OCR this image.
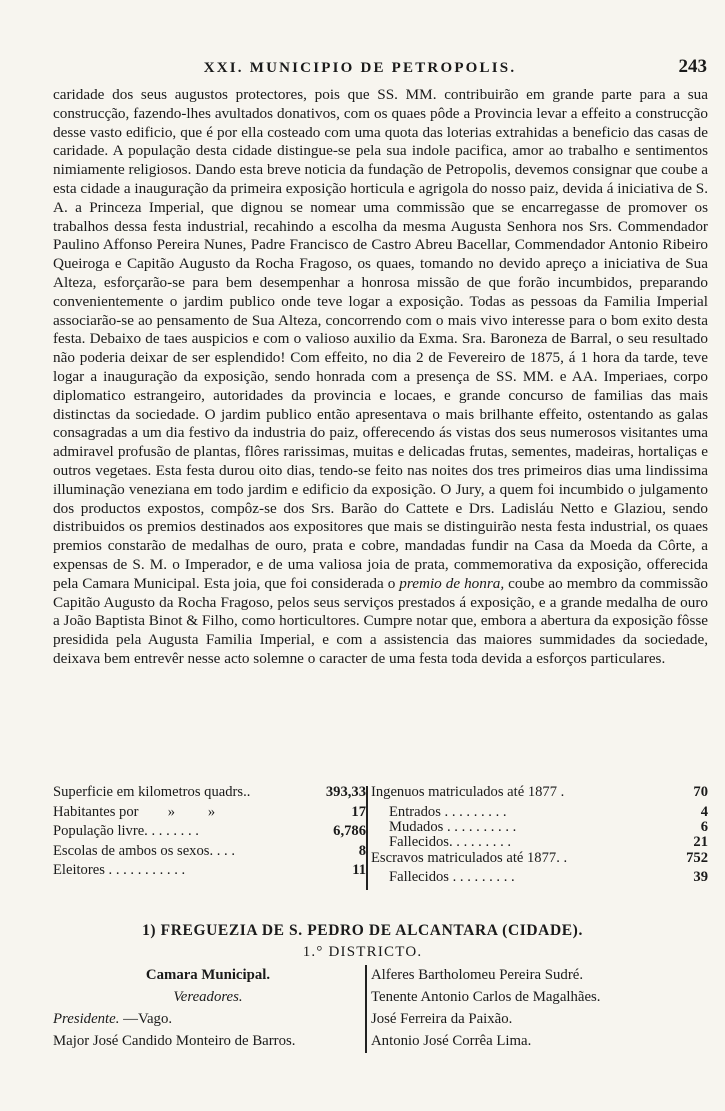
XXI. MUNICIPIO DE PETROPOLIS.	243

caridade dos seus augustos protectores, pois que SS. MM. contribuirão em grande parte para a sua construcção, fazendo-lhes avultados donativos, com os quaes pôde a Provincia levar a effeito a construcção desse vasto edificio, que é por ella costeado com uma quota das loterias extrahidas a beneficio das casas de caridade. A população desta cidade distingue-se pela sua indole pacifica, amor ao trabalho e sentimentos nimiamente religiosos. Dando esta breve noticia da fundação de Petropolis, devemos consignar que coube a esta cidade a inauguração da primeira exposição horticula e agrigola do nosso paiz, devida á iniciativa de S. A. a Princeza Imperial, que dignou se nomear uma commissão que se encarregasse de promover os trabalhos dessa festa industrial, recahindo a escolha da mesma Augusta Senhora nos Srs. Commendador Paulino Affonso Pereira Nunes, Padre Francisco de Castro Abreu Bacellar, Commendador Antonio Ribeiro Queiroga e Capitão Augusto da Rocha Fragoso, os quaes, tomando no devido apreço a iniciativa de Sua Alteza, esforçarão-se para bem desempenhar a honrosa missão de que forão incumbidos, preparando convenientemente o jardim publico onde teve logar a exposição. Todas as pessoas da Familia Imperial associarão-se ao pensamento de Sua Alteza, concorrendo com o mais vivo interesse para o bom exito desta festa. Debaixo de taes auspicios e com o valioso auxilio da Exma. Sra. Baroneza de Barral, o seu resultado não poderia deixar de ser esplendido! Com effeito, no dia 2 de Fevereiro de 1875, á 1 hora da tarde, teve logar a inauguração da exposição, sendo honrada com a presença de SS. MM. e AA. Imperiaes, corpo diplomatico estrangeiro, autoridades da provincia e locaes, e grande concurso de familias das mais distinctas da sociedade. O jardim publico então apresentava o mais brilhante effeito, ostentando as galas consagradas a um dia festivo da industria do paiz, offerecendo ás vistas dos seus numerosos visitantes uma admiravel profusão de plantas, flôres rarissimas, muitas e delicadas frutas, sementes, madeiras, hortaliças e outros vegetaes. Esta festa durou oito dias, tendo-se feito nas noites dos tres primeiros dias uma lindissima illuminação veneziana em todo jardim e edificio da exposição. O Jury, a quem foi incumbido o julgamento dos productos expostos, compôz-se dos Srs. Barão do Cattete e Drs. Ladisláu Netto e Glaziou, sendo distribuidos os premios destinados aos expositores que mais se distinguirão nesta festa industrial, os quaes premios constarão de medalhas de ouro, prata e cobre, mandadas fundir na Casa da Moeda da Côrte, a expensas de S. M. o Imperador, e de uma valiosa joia de prata, commemorativa da exposição, offerecida pela Camara Municipal. Esta joia, que foi considerada o premio de honra, coube ao membro da commissão Capitão Augusto da Rocha Fragoso, pelos seus serviços prestados á exposição, e a grande medalha de ouro a João Baptista Binot & Filho, como horticultores. Cumpre notar que, embora a abertura da exposição fôsse presidida pela Augusta Familia Imperial, e com a assistencia das maiores summidades da sociedade, deixava bem entrevêr nesse acto solemne o caracter de uma festa toda devida a esforços particulares.

Superficie em kilometros quadrs..	393,33
Habitantes por        »         »	17
População livre. . . . . . . .	6,786
Escolas de ambos os sexos. . . .	8
Eleitores . . . . . . . . . . .	11
Ingenuos matriculados até 1877 .	70
Entrados . . . . . . . . .	4
Mudados . . . . . . . . . .	6
Fallecidos. . . . . . . . .	21
Escravos matriculados até 1877. .	752
Fallecidos . . . . . . . . .	39
1) FREGUEZIA DE S. PEDRO DE ALCANTARA (CIDADE).
1.° DISTRICTO.
Camara Municipal.
Vereadores.
Presidente. —Vago.
Major José Candido Monteiro de Barros.
Alferes Bartholomeu Pereira Sudré.
Tenente Antonio Carlos de Magalhães.
José Ferreira da Paixão.
Antonio José Corrêa Lima.
